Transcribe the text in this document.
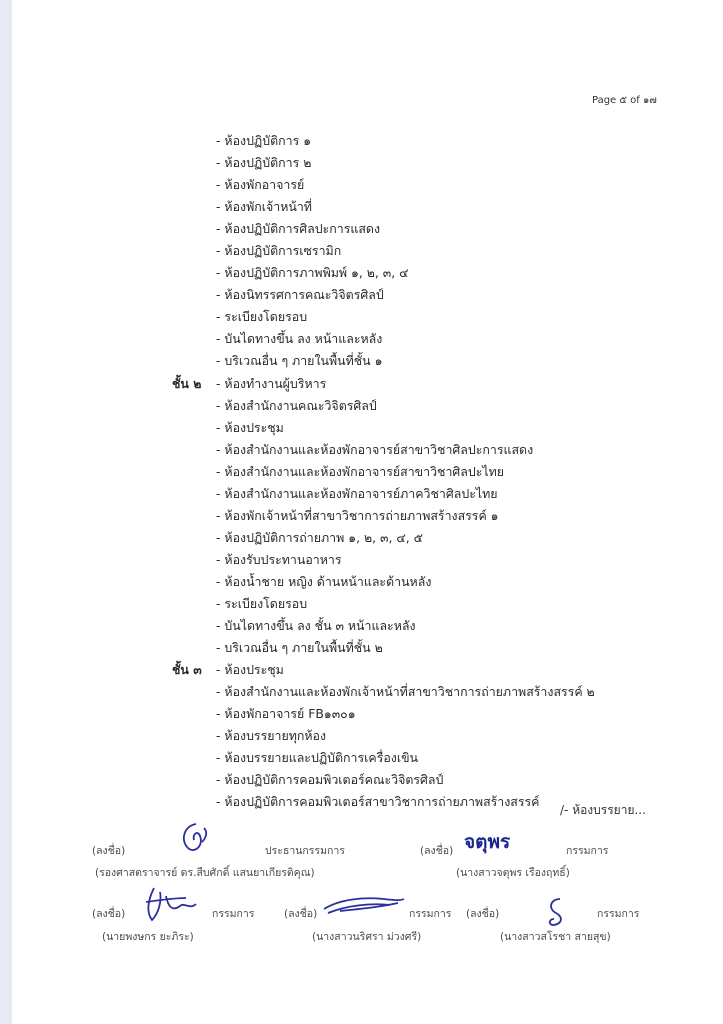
Page ๕ of ๑๗
- ห้องปฏิบัติการ ๑
- ห้องปฏิบัติการ ๒
- ห้องพักอาจารย์
- ห้องพักเจ้าหน้าที่
- ห้องปฏิบัติการศิลปะการแสดง
- ห้องปฏิบัติการเซรามิก
- ห้องปฏิบัติการภาพพิมพ์ ๑, ๒, ๓, ๔
- ห้องนิทรรศการคณะวิจิตรศิลป์
- ระเบียงโดยรอบ
- บันไดทางขึ้น ลง หน้าและหลัง
- บริเวณอื่น ๆ ภายในพื้นที่ชั้น ๑
ชั้น ๒ - ห้องทำงานผู้บริหาร
- ห้องสำนักงานคณะวิจิตรศิลป์
- ห้องประชุม
- ห้องสำนักงานและห้องพักอาจารย์สาขาวิชาศิลปะการแสดง
- ห้องสำนักงานและห้องพักอาจารย์สาขาวิชาศิลปะไทย
- ห้องสำนักงานและห้องพักอาจารย์ภาควิชาศิลปะไทย
- ห้องพักเจ้าหน้าที่สาขาวิชาการถ่ายภาพสร้างสรรค์ ๑
- ห้องปฏิบัติการถ่ายภาพ ๑, ๒, ๓, ๔, ๕
- ห้องรับประทานอาหาร
- ห้องน้ำชาย หญิง ด้านหน้าและด้านหลัง
- ระเบียงโดยรอบ
- บันไดทางขึ้น ลง ชั้น ๓ หน้าและหลัง
- บริเวณอื่น ๆ ภายในพื้นที่ชั้น ๒
ชั้น ๓ - ห้องประชุม
- ห้องสำนักงานและห้องพักเจ้าหน้าที่สาขาวิชาการถ่ายภาพสร้างสรรค์ ๒
- ห้องพักอาจารย์ FB๑๓๐๑
- ห้องบรรยายทุกห้อง
- ห้องบรรยายและปฏิบัติการเครื่องเขิน
- ห้องปฏิบัติการคอมพิวเตอร์คณะวิจิตรศิลป์
- ห้องปฏิบัติการคอมพิวเตอร์สาขาวิชาการถ่ายภาพสร้างสรรค์
/- ห้องบรรยาย...
(ลงชื่อ)	ประธานกรรมการ
(รองศาสตราจารย์ ดร.สืบศักดิ์ แสนยาเกียรติคุณ)
(ลงชื่อ) จตุพร	กรรมการ
(นางสาวจตุพร เรืองฤทธิ์)
(ลงชื่อ)	กรรมการ
(นายพงษกร ยะภิระ)
(ลงชื่อ)	กรรมการ
(นางสาวนริศรา ม่วงศรี)
(ลงชื่อ)	กรรมการ
(นางสาวสโรชา สายสุข)
